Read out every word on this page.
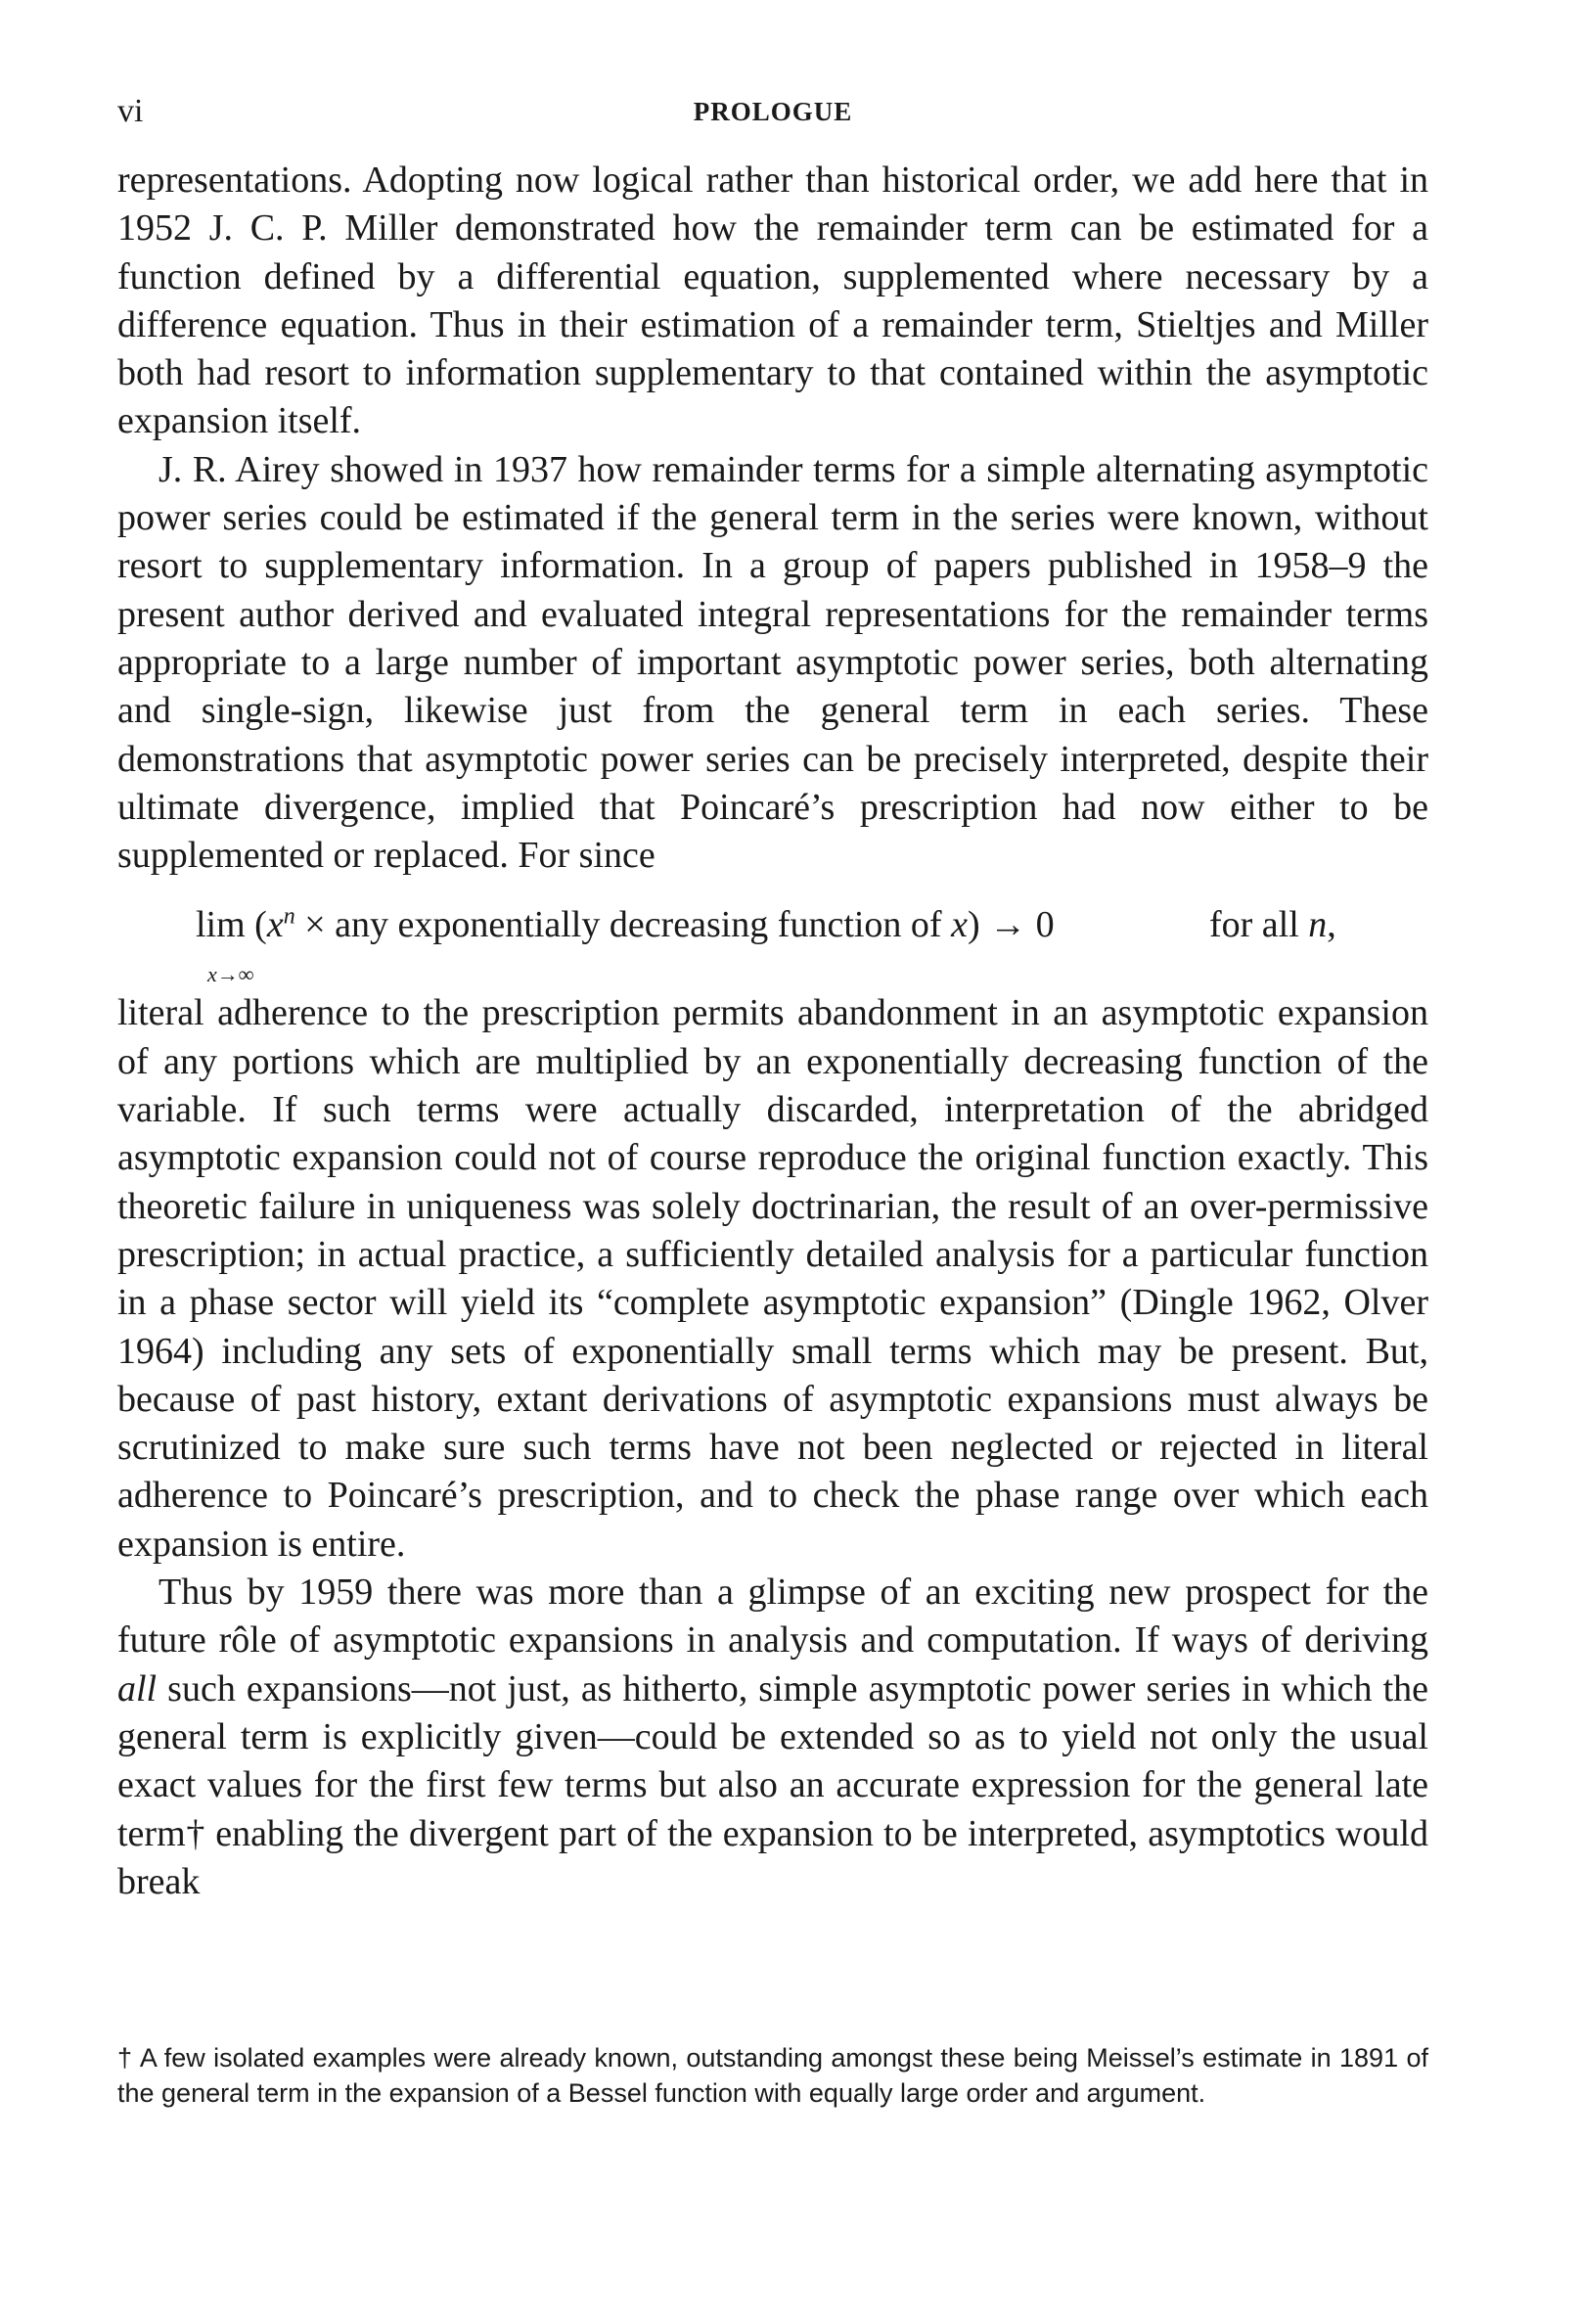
vi	PROLOGUE

representations. Adopting now logical rather than historical order, we add here that in 1952 J. C. P. Miller demonstrated how the remainder term can be estimated for a function defined by a differential equation, supplemented where necessary by a difference equation. Thus in their estimation of a remainder term, Stieltjes and Miller both had resort to information supplementary to that contained within the asymptotic expansion itself.

J. R. Airey showed in 1937 how remainder terms for a simple alternating asymptotic power series could be estimated if the general term in the series were known, without resort to supplementary information. In a group of papers published in 1958–9 the present author derived and evaluated integral representations for the remainder terms appropriate to a large number of important asymptotic power series, both alternating and single-sign, likewise just from the general term in each series. These demonstrations that asymptotic power series can be precisely interpreted, despite their ultimate divergence, implied that Poincaré’s prescription had now either to be supplemented or replaced. For since

$\lim (x^n$ × any exponentially decreasing function of x) → 0
x→∞
for all n,

literal adherence to the prescription permits abandonment in an asymptotic expansion of any portions which are multiplied by an exponentially decreasing function of the variable. If such terms were actually discarded, interpretation of the abridged asymptotic expansion could not of course reproduce the original function exactly. This theoretic failure in uniqueness was solely doctrinarian, the result of an over-permissive prescription; in actual practice, a sufficiently detailed analysis for a particular function in a phase sector will yield its “complete asymptotic expansion” (Dingle 1962, Olver 1964) including any sets of exponentially small terms which may be present. But, because of past history, extant derivations of asymptotic expansions must always be scrutinized to make sure such terms have not been neglected or rejected in literal adherence to Poincaré’s prescription, and to check the phase range over which each expansion is entire.

Thus by 1959 there was more than a glimpse of an exciting new prospect for the future rôle of asymptotic expansions in analysis and computation. If ways of deriving all such expansions—not just, as hitherto, simple asymptotic power series in which the general term is explicitly given—could be extended so as to yield not only the usual exact values for the first few terms but also an accurate expression for the general late term† enabling the divergent part of the expansion to be interpreted, asymptotics would break

† A few isolated examples were already known, outstanding amongst these being Meissel’s estimate in 1891 of the general term in the expansion of a Bessel function with equally large order and argument.
